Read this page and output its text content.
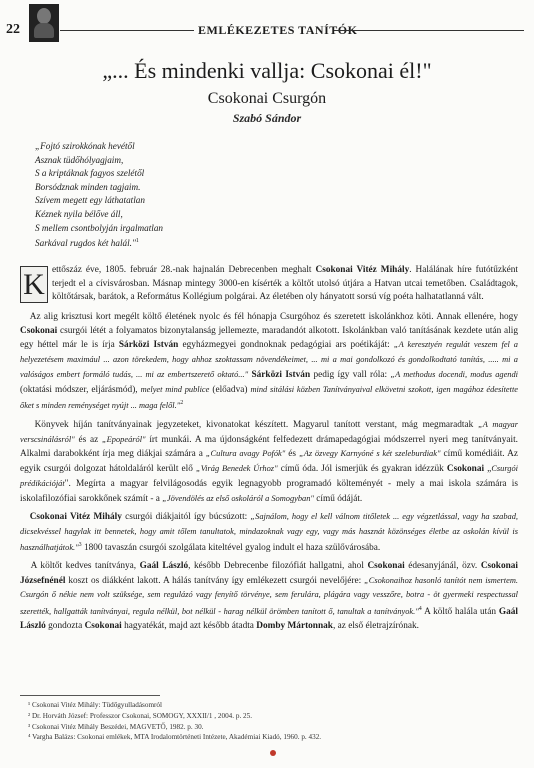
22	EMLÉKEZETES TANÍTÓK
„... És mindenki vallja: Csokonai él!"
Csokonai Csurgón
Szabó Sándor
„Fojtó szirokkónak hevétől
Asznak tüdőhólyagjaim,
S a kriptáknak fagyos szelétől
Borsódznak minden tagjaim.
Szívem megett egy láthatatlan
Kéznek nyila bélőve áll,
S mellem csontbolyján irgalmatlan
Sarkával rugdos két halál."$^1$
K ettőszáz éve, 1805. február 28.-nak hajnalán Debrecenben meghalt Csokonai Vitéz Mihály. Halálának híre futótűzként terjedt el a cívisvárosban. Másnap mintegy 3000-en kísérték a költőt utolsó útjára a Hatvan utcai temetőben. Családtagok, költőtársak, barátok, a Református Kollégium polgárai. Az életében oly hányatott sorsú víg poéta halhatatlanná vált.
Az alig krisztusi kort megélt költő életének nyolc és fél hónapja Csurgóhoz és szeretett iskolánkhoz köti. Annak ellenére, hogy Csokonai csurgói létét a folyamatos bizonytalanság jellemezte, maradandót alkotott. Iskolánkban való tanításának kezdete után alig egy héttel már le is írja Sárközi István egyházmegyei gondnoknak pedagógiai ars poétikáját: „A keresztyén regulát veszem fel a helyezetésem maximául ... azon törekedem, hogy ahhoz szoktassam növendékeimet, ... mi a mai gondolkozó és gondolkodtató tanítás, ..... mi a valóságos embert formáló tudás, ... mi az embertszerető oktató..." Sárközi István pedig így vall róla: „A methodus docendi, modus agendi (oktatási módszer, eljárásmód), melyet mind publice (előadva) mind sitálási közben Tanítványaival elkövetni szokott, igen magához édesítette őket s minden reménységet nyújt ... maga felől."$^2$
Könyvek híján tanítványainak jegyzeteket, kivonatokat készített. Magyarul tanított verstant, mág megmaradtak „A magyar verscsinálásról" és az „Epopeáról" írt munkái. A ma újdonságként felfedezett drámapedagógiai módszerrel nyeri meg tanítványait. Alkalmi darabokként írja meg diákjai számára a „Cultura avagy Pofók" és „Az özvegy Karnyóné s két szeleburdiak" című komédiáit. Az egyik csurgói dolgozat hátoldaláról került elő „Virág Benedek Úrhoz" című óda. Jól ismerjük és gyakran idézzük Csokonai „Csurgói prédikációját". Megírta a magyar felvilágosodás egyik legnagyobb programadó költeményét - mely a mai iskola számára is iskolafilozófiai sarokkőnek számít - a „Jövendölés az első oskoláról a Somogyban" című ódáját.
Csokonai Vitéz Mihály csurgói diákjaitól így búcsúzott: „Sajnálom, hogy el kell válnom titőletek ... egy végzetlással, vagy ha szabad, dicsekvéssel hagylak itt bennetek, hogy amit tőlem tanultatok, mindazoknak vagy egy, vagy más hasznát közönséges életbe az oskolán kívül is használhatjátok."$^3$ 1800 tavaszán csurgói szolgálata kiteltével gyalog indult el haza szülővárosába.
A költőt kedves tanítványa, Gaál László, később Debrecenbe filozófiát hallgatni, ahol Csokonai édesanyjánál, özv. Csokonai Józsefnénél koszt os diákként lakott. A hálás tanítvány így emlékezett csurgói nevelőjére: „Csokonaihoz hasonló tanítót nem ismertem. Csurgón ő nékie nem volt szüksége, sem regulázó vagy fenyítő törvénye, sem ferulára, plágára vagy vesszőre, botra - öt gyermeki respectussal szerették, hallgatták tanítványai, regula nélkül, bot nélkül - harag nélkül örömben tanított ő, tanultak a tanítványok."$^4$ A költő halála után Gaál László gondozta Csokonai hagyatékát, majd azt később átadta Domby Mártonnak, az első életrajzírónak.
¹ Csokonai Vitéz Mihály: Tüdőgyulladásomról
² Dr. Horváth József: Professzor Csokonai, SOMOGY, XXXII/1 , 2004. p. 25.
³ Csokonai Vitéz Mihály Beszédei, MAGVETŐ, 1982. p. 30.
⁴ Vargha Balázs: Csokonai emlékek, MTA Irodalomtörténeti Intézete, Akadémiai Kiadó, 1960. p. 432.
